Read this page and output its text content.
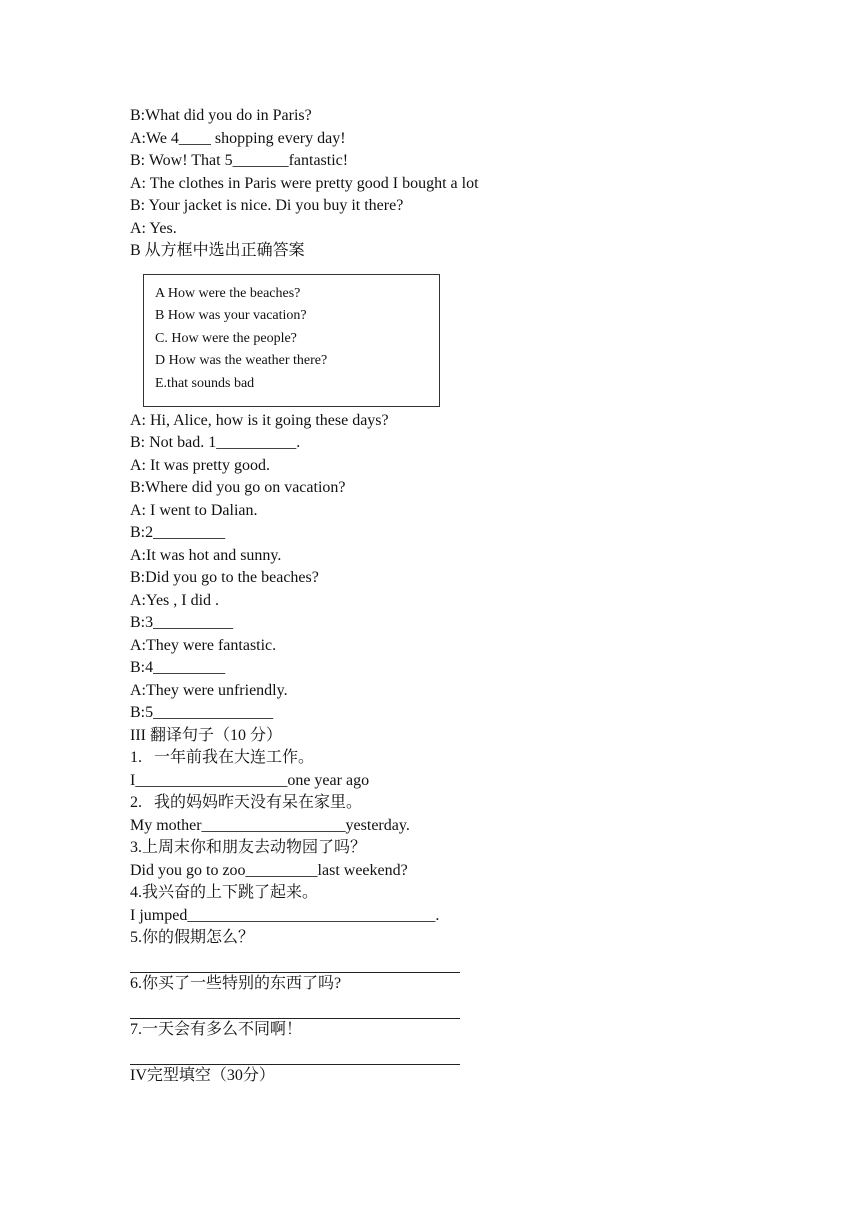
B:What did you do in Paris?
A:We 4____ shopping every day!
B: Wow! That 5_______fantastic!
A: The clothes in Paris were pretty good I bought a lot
B: Your jacket is nice. Di you buy it there?
A: Yes.
B 从方框中选出正确答案
A How were the beaches?
B How was your vacation?
C. How were the people?
D How was the weather there?
E.that sounds bad
A: Hi, Alice, how is it going these days?
B: Not bad. 1__________.
A: It was pretty good.
B:Where did you go on vacation?
A: I went to Dalian.
B:2_________
A:It was hot and sunny.
B:Did you go to the beaches?
A:Yes , I did .
B:3__________
A:They were fantastic.
B:4_________
A:They were unfriendly.
B:5_______________
III 翻译句子（10 分）
1.   一年前我在大连工作。
I___________________one year ago
2.   我的妈妈昨天没有呆在家里。
My mother__________________yesterday.
3.上周末你和朋友去动物园了吗？
Did you go to zoo_________last weekend?
4.我兴奋的上下跳了起来。
I jumped_______________________________.
5.你的假期怎么？
6.你买了一些特别的东西了吗?
7.一天会有多么不同啊！
IV完型填空（30分）
